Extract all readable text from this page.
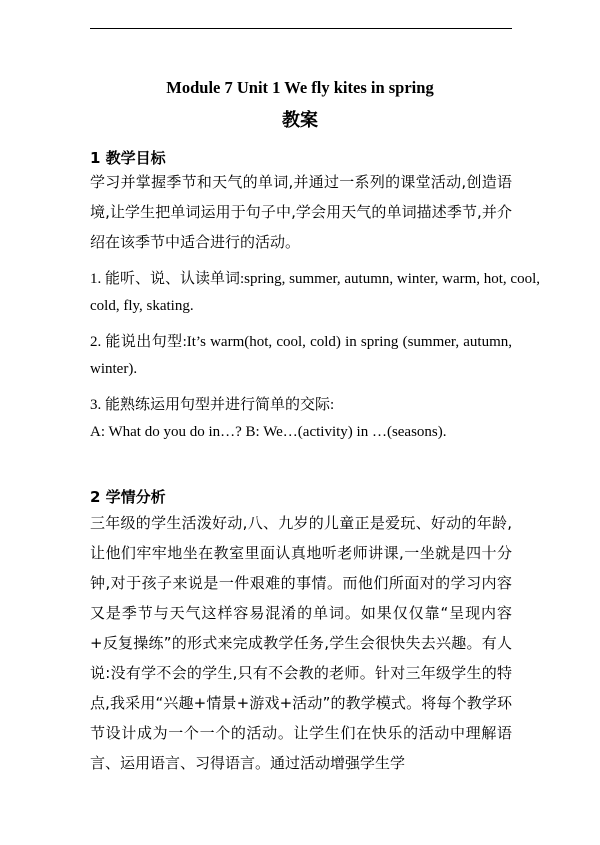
Module 7 Unit 1 We fly kites in spring
教案
1 教学目标
学习并掌握季节和天气的单词,并通过一系列的课堂活动,创造语境,让学生把单词运用于句子中,学会用天气的单词描述季节,并介绍在该季节中适合进行的活动。
1. 能听、说、认读单词:spring, summer, autumn, winter, warm, hot, cool,
cold, fly, skating.
2. 能说出句型:It’s warm(hot, cool, cold) in spring (summer, autumn,
winter).
3. 能熟练运用句型并进行简单的交际:
A: What do you do in…? B: We…(activity) in …(seasons).
2 学情分析
三年级的学生活泼好动,八、九岁的儿童正是爱玩、好动的年龄,让他们牢牢地坐在教室里面认真地听老师讲课,一坐就是四十分钟,对于孩子来说是一件艰难的事情。而他们所面对的学习内容又是季节与天气这样容易混淆的单词。如果仅仅靠“呈现内容+反复操练”的形式来完成教学任务,学生会很快失去兴趣。有人说:没有学不会的学生,只有不会教的老师。针对三年级学生的特点,我采用“兴趣+情景+游戏+活动”的教学模式。将每个教学环节设计成为一个一个的活动。让学生们在快乐的活动中理解语言、运用语言、习得语言。通过活动增强学生学
